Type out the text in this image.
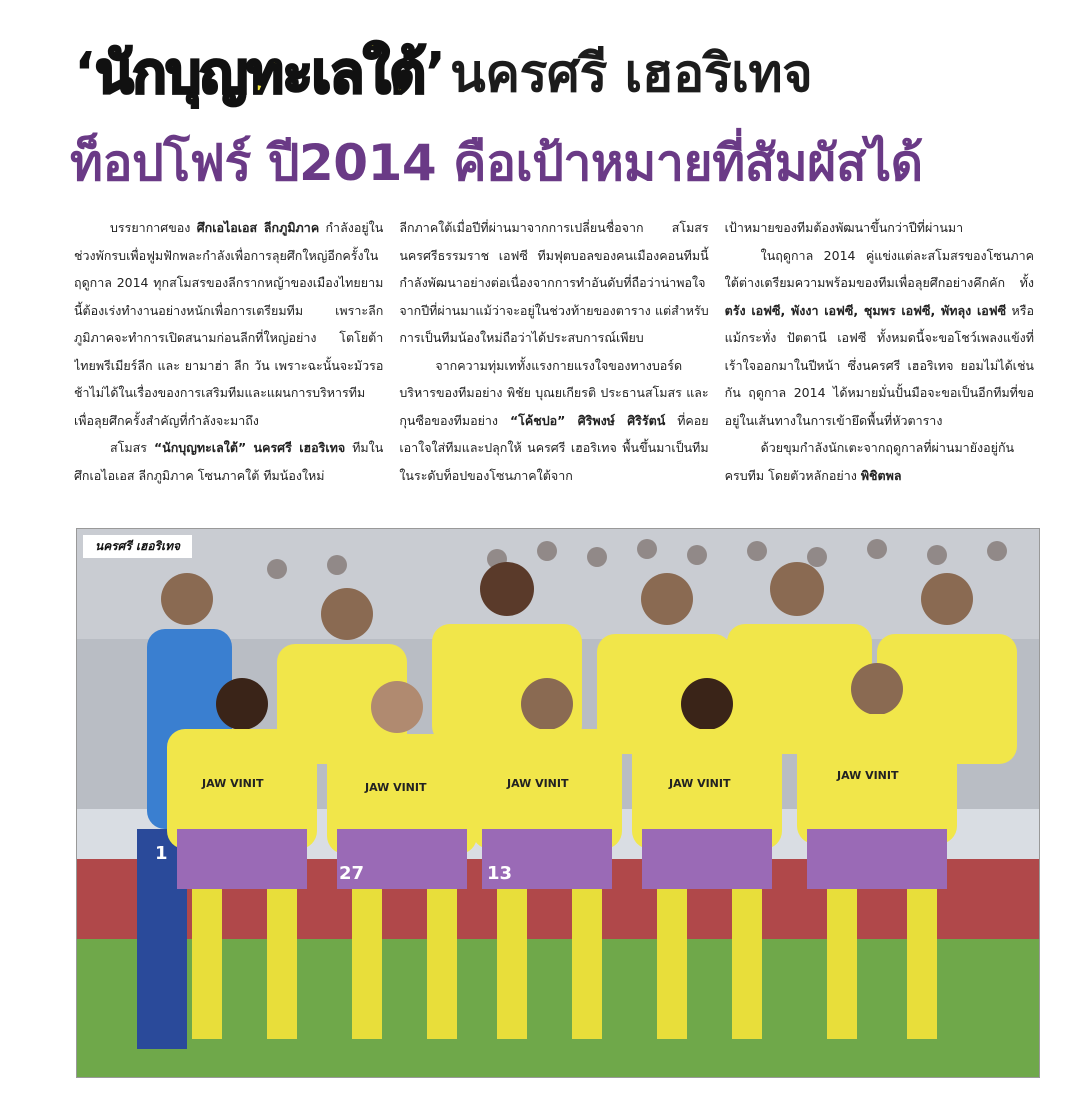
‘ นักบุญทะเลใต้ ’ นครศรี เฮอริเทจ
ท็อปโฟร์ ปี2014 คือเป้าหมายที่สัมผัสได้

บรรยากาศของ ศึกเอไอเอส ลีกภูมิภาค กำลังอยู่ในช่วงพักรบเพื่อฟูมฟักพละกำลังเพื่อการลุยศึกใหญ่อีกครั้งในฤดูกาล 2014 ทุกสโมสรของลีกรากหญ้าของเมืองไทยยามนี้ต้องเร่งทำงานอย่างหนักเพื่อการเตรียมทีม เพราะลีกภูมิภาคจะทำการเปิดสนามก่อนลีกที่ใหญ่อย่าง โตโยต้า ไทยพรีเมียร์ลีก และ ยามาฮ่า ลีก วัน เพราะฉะนั้นจะมัวรอช้าไม่ได้ในเรื่องของการเสริมทีมและแผนการบริหารทีมเพื่อลุยศึกครั้งสำคัญที่กำลังจะมาถึง

สโมสร “นักบุญทะเลใต้” นครศรี เฮอริเทจ ทีมในศึกเอไอเอส ลีกภูมิภาค โซนภาคใต้ ทีมน้องใหม่

ลีกภาคใต้เมื่อปีที่ผ่านมาจากการเปลี่ยนชื่อจาก สโมสรนครศรีธรรมราช เอฟซี ทีมฟุตบอลของคนเมืองคอนทีมนี้ กำลังพัฒนาอย่างต่อเนื่องจากการทำอันดับที่ถือว่าน่าพอใจจากปีที่ผ่านมาแม้ว่าจะอยู่ในช่วงท้ายของตาราง แต่สำหรับการเป็นทีมน้องใหม่ถือว่าได้ประสบการณ์เพียบ

จากความทุ่มเททั้งแรงกายแรงใจของทางบอร์ดบริหารของทีมอย่าง พิชัย บุณยเกียรติ ประธานสโมสร และกุนซือของทีมอย่าง “โค้ชปอ” ศิริพงษ์ ศิริรัตน์ ที่คอยเอาใจใส่ทีมและปลุกให้ นครศรี เฮอริเทจ พื้นขึ้นมาเป็นทีมในระดับท็อปของโซนภาคใต้จาก

เป้าหมายของทีมต้องพัฒนาขึ้นกว่าปีที่ผ่านมา

ในฤดูกาล 2014 คู่แข่งแต่ละสโมสรของโซนภาคใต้ต่างเตรียมความพร้อมของทีมเพื่อลุยศึกอย่างคึกคัก ทั้ง ตรัง เอฟซี, พังงา เอฟซี, ชุมพร เอฟซี, พัทลุง เอฟซี หรือแม้กระทั่ง ปัตตานี เอฟซี ทั้งหมดนี้จะขอโชว์เพลงแข้งที่เร้าใจออกมาในปีหน้า ซึ่งนครศรี เฮอริเทจ ยอมไม่ได้เช่นกัน ฤดูกาล 2014 ได้หมายมั่นปั้นมือจะขอเป็นอีกทีมที่ขออยู่ในเส้นทางในการเข้ายึดพื้นที่หัวตาราง

ด้วยขุมกำลังนักเตะจากฤดูกาลที่ผ่านมายังอยู่กันครบทีม โดยตัวหลักอย่าง พิชิตพล

JAW VINIT	JAW VINIT	JAW VINIT	JAW VINIT
JAW VINIT
1
27	13
นครศรี เฮอริเทจ
